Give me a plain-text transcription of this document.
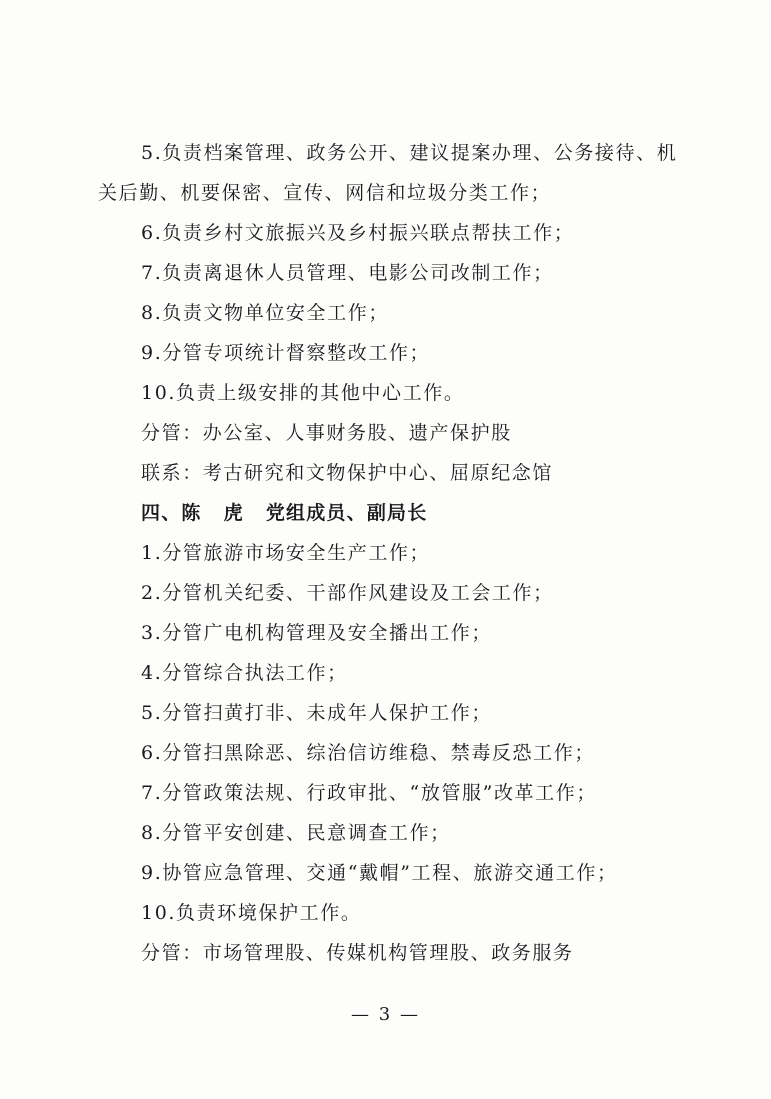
5.负责档案管理、政务公开、建议提案办理、公务接待、机
关后勤、机要保密、宣传、网信和垃圾分类工作；
6.负责乡村文旅振兴及乡村振兴联点帮扶工作；
7.负责离退休人员管理、电影公司改制工作；
8.负责文物单位安全工作；
9.分管专项统计督察整改工作；
10.负责上级安排的其他中心工作。
分管：办公室、人事财务股、遗产保护股
联系：考古研究和文物保护中心、屈原纪念馆
四、陈 虎 党组成员、副局长
1.分管旅游市场安全生产工作；
2.分管机关纪委、干部作风建设及工会工作；
3.分管广电机构管理及安全播出工作；
4.分管综合执法工作；
5.分管扫黄打非、未成年人保护工作；
6.分管扫黑除恶、综治信访维稳、禁毒反恐工作；
7.分管政策法规、行政审批、“放管服”改革工作；
8.分管平安创建、民意调查工作；
9.协管应急管理、交通“戴帽”工程、旅游交通工作；
10.负责环境保护工作。
分管：市场管理股、传媒机构管理股、政务服务
— 3 —
